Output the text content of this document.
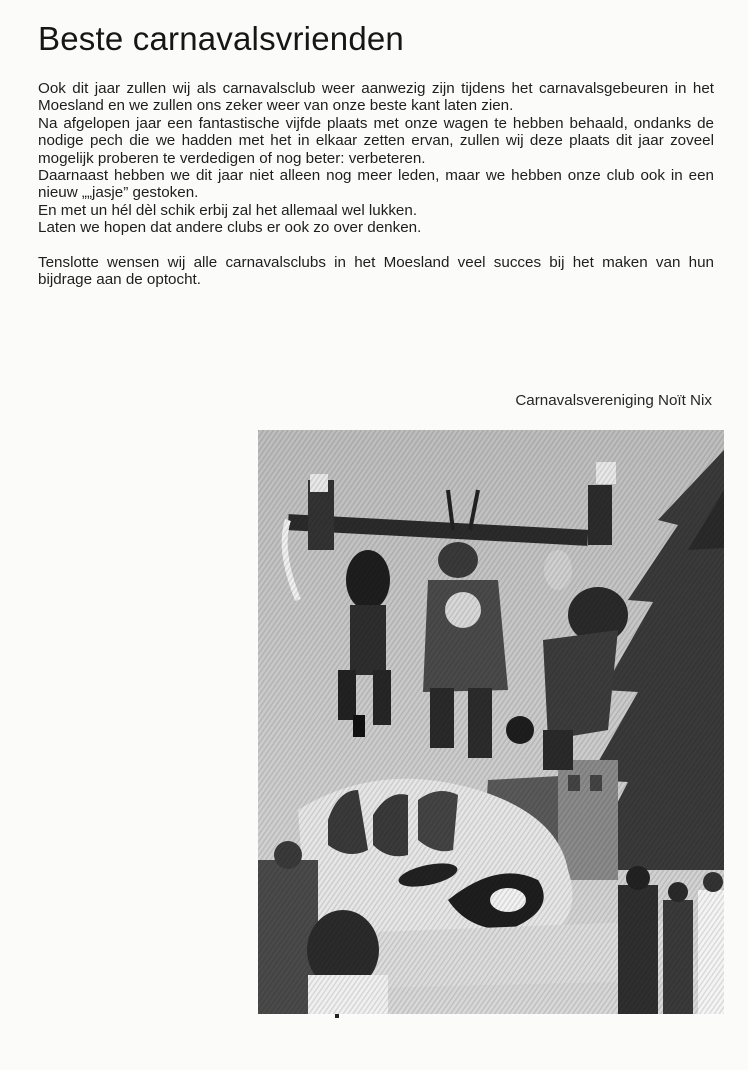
Beste carnavalsvrienden

Ook dit jaar zullen wij als carnavalsclub weer aanwezig zijn tijdens het carnavalsgebeuren in het Moesland en we zullen ons zeker weer van onze beste kant laten zien.

Na afgelopen jaar een fantastische vijfde plaats met onze wagen te hebben behaald, ondanks de nodige pech die we hadden met het in elkaar zetten ervan, zullen wij deze plaats dit jaar zoveel mogelijk proberen te verdedigen of nog beter: verbeteren.

Daarnaast hebben we dit jaar niet alleen nog meer leden, maar we hebben onze club ook in een nieuw „„jasje” gestoken.

En met un hél dèl schik erbij zal het allemaal wel lukken.

Laten we hopen dat andere clubs er ook zo over denken.

Tenslotte wensen wij alle carnavalsclubs in het Moesland veel succes bij het maken van hun bijdrage aan de optocht.

Carnavalsvereniging Noït Nix
